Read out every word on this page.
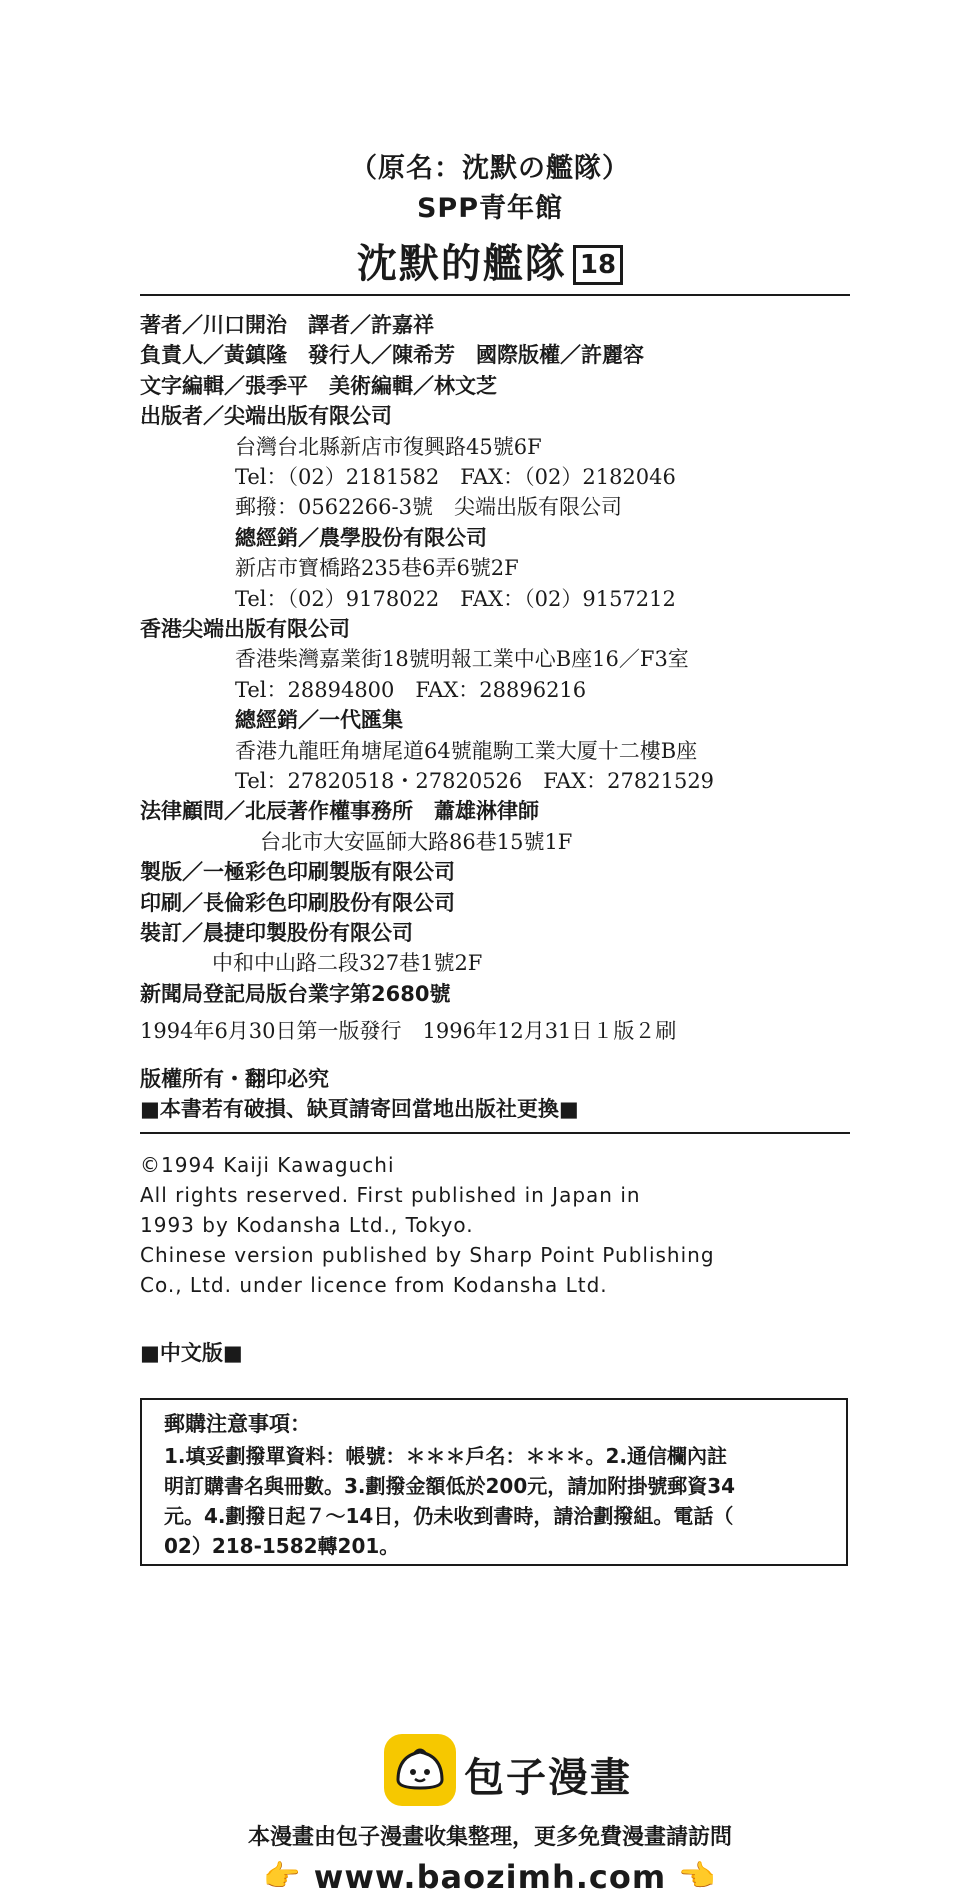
（原名：沈默の艦隊）
SPP青年館
沈默的艦隊 18
著者／川口開治　譯者／許嘉祥
負責人／黃鎮隆　發行人／陳希芳　國際版權／許麗容
文字編輯／張季平　美術編輯／林文芝
出版者／尖端出版有限公司
台灣台北縣新店市復興路45號6F
Tel：（02）2181582　FAX：（02）2182046
郵撥：0562266-3號　尖端出版有限公司
總經銷／農學股份有限公司
新店市寶橋路235巷6弄6號2F
Tel：（02）9178022　FAX：（02）9157212
香港尖端出版有限公司
香港柴灣嘉業街18號明報工業中心B座16／F3室
Tel：28894800　FAX：28896216
總經銷／一代匯集
香港九龍旺角塘尾道64號龍駒工業大厦十二樓B座
Tel：27820518・27820526　FAX：27821529
法律顧問／北辰著作權事務所　蕭雄淋律師
台北市大安區師大路86巷15號1F
製版／一極彩色印刷製版有限公司
印刷／長倫彩色印刷股份有限公司
裝訂／晨捷印製股份有限公司
中和中山路二段327巷1號2F
新聞局登記局版台業字第2680號
1994年6月30日第一版發行　1996年12月31日１版２刷
版權所有・翻印必究
■本書若有破損、缺頁請寄回當地出版社更換■
©1994 Kaiji Kawaguchi
All rights reserved. First published in Japan in
1993 by Kodansha Ltd., Tokyo.
Chinese version published by Sharp Point Publishing
Co., Ltd. under licence from Kodansha Ltd.
■中文版■
郵購注意事項：
1.填妥劃撥單資料：帳號：＊＊＊戶名：＊＊＊。2.通信欄內註
明訂購書名與冊數。3.劃撥金額低於200元，請加附掛號郵資34
元。4.劃撥日起７～14日，仍未收到書時，請洽劃撥組。電話（
02）218-1582轉201。
包子漫畫
本漫畫由包子漫畫收集整理，更多免費漫畫請訪問
👉 www.baozimh.com 👈
